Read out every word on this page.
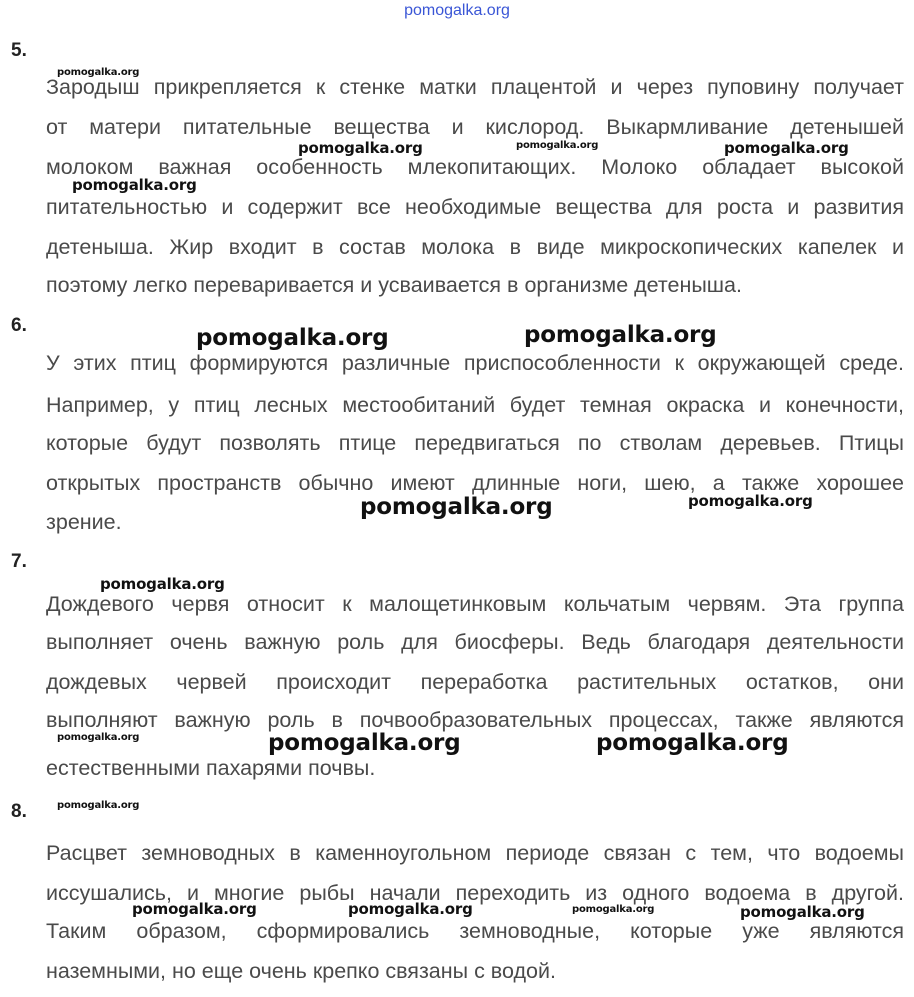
pomogalka.org
5.
Зародыш прикрепляется к стенке матки плацентой и через пуповину получает
от матери питательные вещества и кислород. Выкармливание детенышей
молоком важная особенность млекопитающих. Молоко обладает высокой
питательностью и содержит все необходимые вещества для роста и развития
детеныша. Жир входит в состав молока в виде микроскопических капелек и
поэтому легко переваривается и усваивается в организме детеныша.
6.
У этих птиц формируются различные приспособленности к окружающей среде.
Например, у птиц лесных местообитаний будет темная окраска и конечности,
которые будут позволять птице передвигаться по стволам деревьев. Птицы
открытых пространств обычно имеют длинные ноги, шею, а также хорошее
зрение.
7.
Дождевого червя относит к малощетинковым кольчатым червям. Эта группа
выполняет очень важную роль для биосферы. Ведь благодаря деятельности
дождевых червей происходит переработка растительных остатков, они
выполняют важную роль в почвообразовательных процессах, также являются
естественными пахарями почвы.
8.
Расцвет земноводных в каменноугольном периоде связан с тем, что водоемы
иссушались, и многие рыбы начали переходить из одного водоема в другой.
Таким образом, сформировались земноводные, которые уже являются
наземными, но еще очень крепко связаны с водой.
pomogalka.org
pomogalka.org	pomogalka.org	pomogalka.org
pomogalka.org
pomogalka.org	pomogalka.org
pomogalka.org	pomogalka.org
pomogalka.org
pomogalka.org	pomogalka.org	pomogalka.org
pomogalka.org
pomogalka.org	pomogalka.org	pomogalka.org	pomogalka.org
